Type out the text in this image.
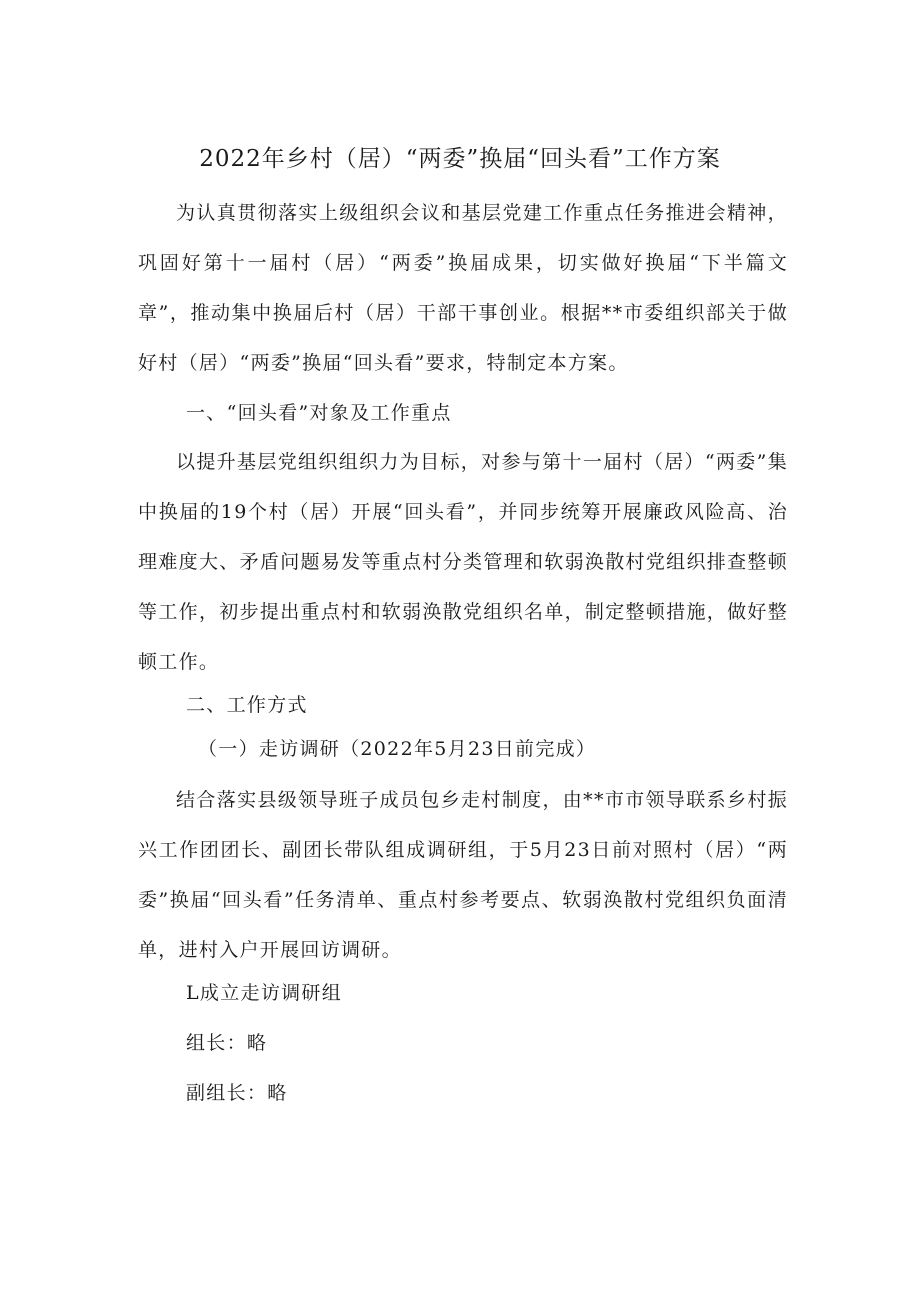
2022年乡村（居）“两委”换届“回头看”工作方案

为认真贯彻落实上级组织会议和基层党建工作重点任务推进会精神，巩固好第十一届村（居）“两委”换届成果，切实做好换届“下半篇文章”，推动集中换届后村（居）干部干事创业。根据**市委组织部关于做好村（居）“两委”换届“回头看”要求，特制定本方案。

一、“回头看”对象及工作重点

以提升基层党组织组织力为目标，对参与第十一届村（居）“两委”集中换届的19个村（居）开展“回头看”，并同步统筹开展廉政风险高、治理难度大、矛盾问题易发等重点村分类管理和软弱涣散村党组织排查整顿等工作，初步提出重点村和软弱涣散党组织名单，制定整顿措施，做好整顿工作。

二、工作方式

（一）走访调研（2022年5月23日前完成）

结合落实县级领导班子成员包乡走村制度，由**市市领导联系乡村振兴工作团团长、副团长带队组成调研组，于5月23日前对照村（居）“两委”换届“回头看”任务清单、重点村参考要点、软弱涣散村党组织负面清单，进村入户开展回访调研。

L成立走访调研组

组长：略

副组长：略
